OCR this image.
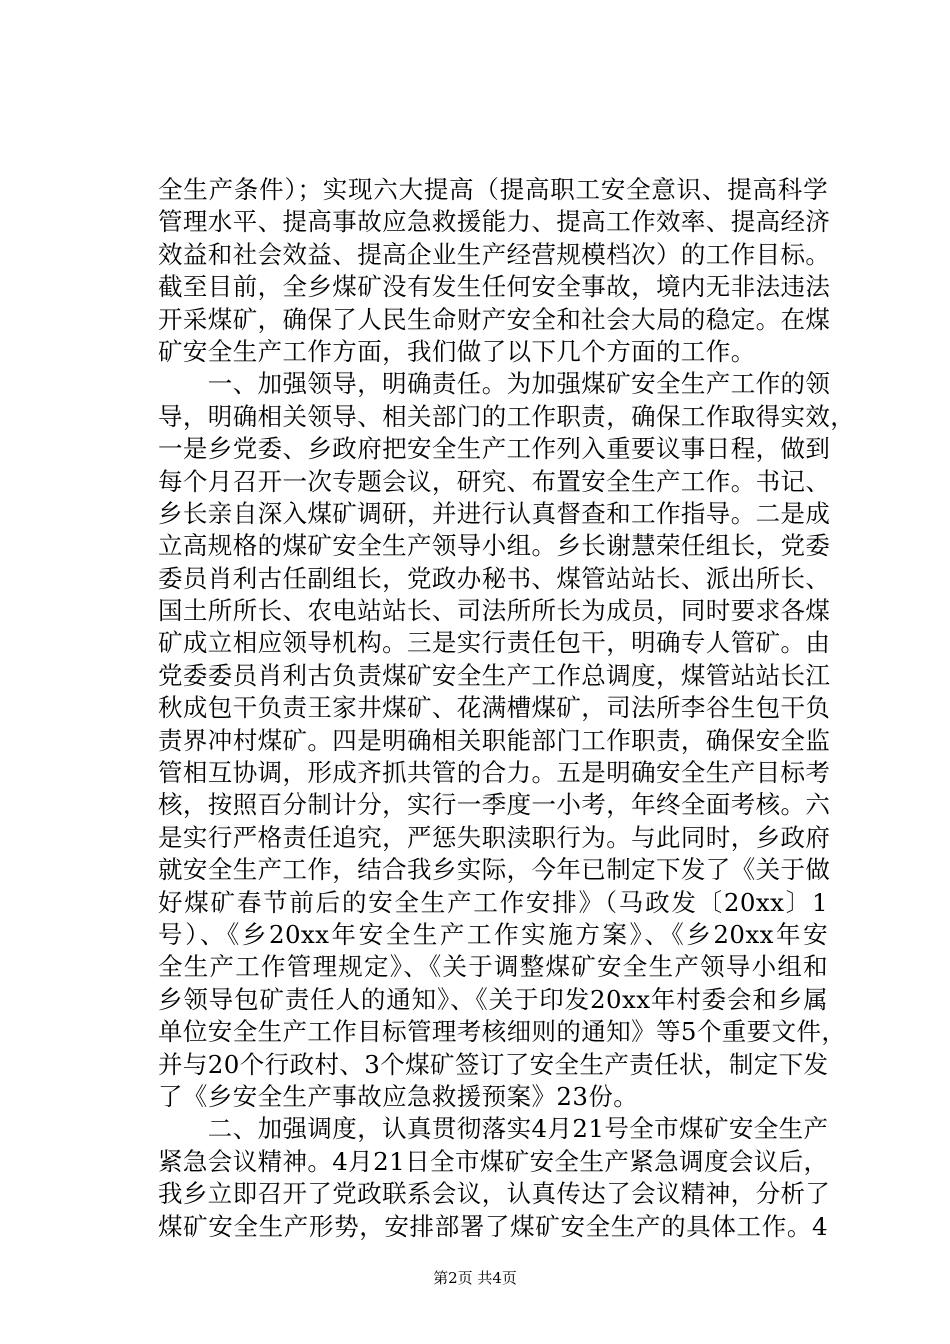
全生产条件）；实现六大提高（提高职工安全意识、提高科学
管理水平、提高事故应急救援能力、提高工作效率、提高经济
效益和社会效益、提高企业生产经营规模档次）的工作目标。
截至目前，全乡煤矿没有发生任何安全事故，境内无非法违法
开采煤矿，确保了人民生命财产安全和社会大局的稳定。在煤
矿安全生产工作方面，我们做了以下几个方面的工作。
　　一、加强领导，明确责任。为加强煤矿安全生产工作的领
导，明确相关领导、相关部门的工作职责，确保工作取得实效，
一是乡党委、乡政府把安全生产工作列入重要议事日程，做到
每个月召开一次专题会议，研究、布置安全生产工作。书记、
乡长亲自深入煤矿调研，并进行认真督查和工作指导。二是成
立高规格的煤矿安全生产领导小组。乡长谢慧荣任组长，党委
委员肖利古任副组长，党政办秘书、煤管站站长、派出所长、
国土所所长、农电站站长、司法所所长为成员，同时要求各煤
矿成立相应领导机构。三是实行责任包干，明确专人管矿。由
党委委员肖利古负责煤矿安全生产工作总调度，煤管站站长江
秋成包干负责王家井煤矿、花满槽煤矿，司法所李谷生包干负
责界冲村煤矿。四是明确相关职能部门工作职责，确保安全监
管相互协调，形成齐抓共管的合力。五是明确安全生产目标考
核，按照百分制计分，实行一季度一小考，年终全面考核。六
是实行严格责任追究，严惩失职渎职行为。与此同时，乡政府
就安全生产工作，结合我乡实际，今年已制定下发了《关于做
好煤矿春节前后的安全生产工作安排》（马政发〔20xx〕1
号）、《乡20xx年安全生产工作实施方案》、《乡20xx年安
全生产工作管理规定》、《关于调整煤矿安全生产领导小组和
乡领导包矿责任人的通知》、《关于印发20xx年村委会和乡属
单位安全生产工作目标管理考核细则的通知》等5个重要文件，
并与20个行政村、3个煤矿签订了安全生产责任状，制定下发
了《乡安全生产事故应急救援预案》23份。
　　二、加强调度，认真贯彻落实4月21号全市煤矿安全生产
紧急会议精神。4月21日全市煤矿安全生产紧急调度会议后，
我乡立即召开了党政联系会议，认真传达了会议精神，分析了
煤矿安全生产形势，安排部署了煤矿安全生产的具体工作。4
第2页 共4页
